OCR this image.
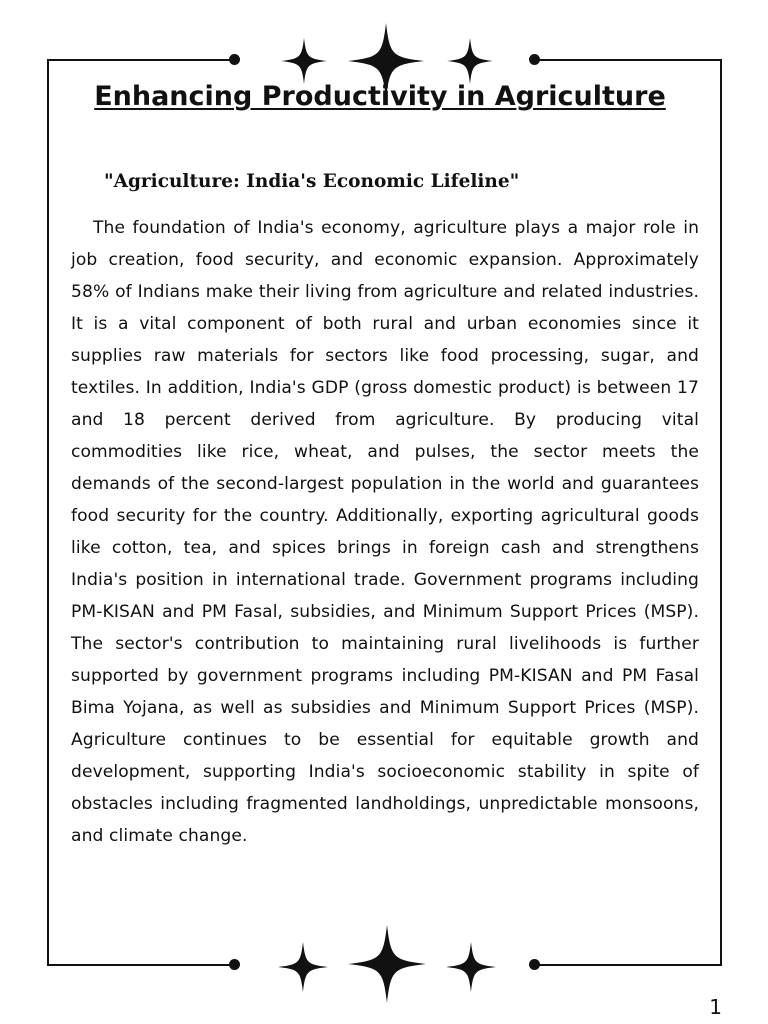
Enhancing Productivity in Agriculture
"Agriculture: India's Economic Lifeline"

The foundation of India's economy, agriculture plays a major role in job creation, food security, and economic expansion. Approximately 58% of Indians make their living from agriculture and related industries. It is a vital component of both rural and urban economies since it supplies raw materials for sectors like food processing, sugar, and textiles. In addition, India's GDP (gross domestic product) is between 17 and 18 percent derived from agriculture. By producing vital commodities like rice, wheat, and pulses, the sector meets the demands of the second-largest population in the world and guarantees food security for the country. Additionally, exporting agricultural goods like cotton, tea, and spices brings in foreign cash and strengthens India's position in international trade. Government programs including PM-KISAN and PM Fasal, subsidies, and Minimum Support Prices (MSP). The sector's contribution to maintaining rural livelihoods is further supported by government programs including PM-KISAN and PM Fasal Bima Yojana, as well as subsidies and Minimum Support Prices (MSP). Agriculture continues to be essential for equitable growth and development, supporting India's socioeconomic stability in spite of obstacles including fragmented landholdings, unpredictable monsoons, and climate change.

1
